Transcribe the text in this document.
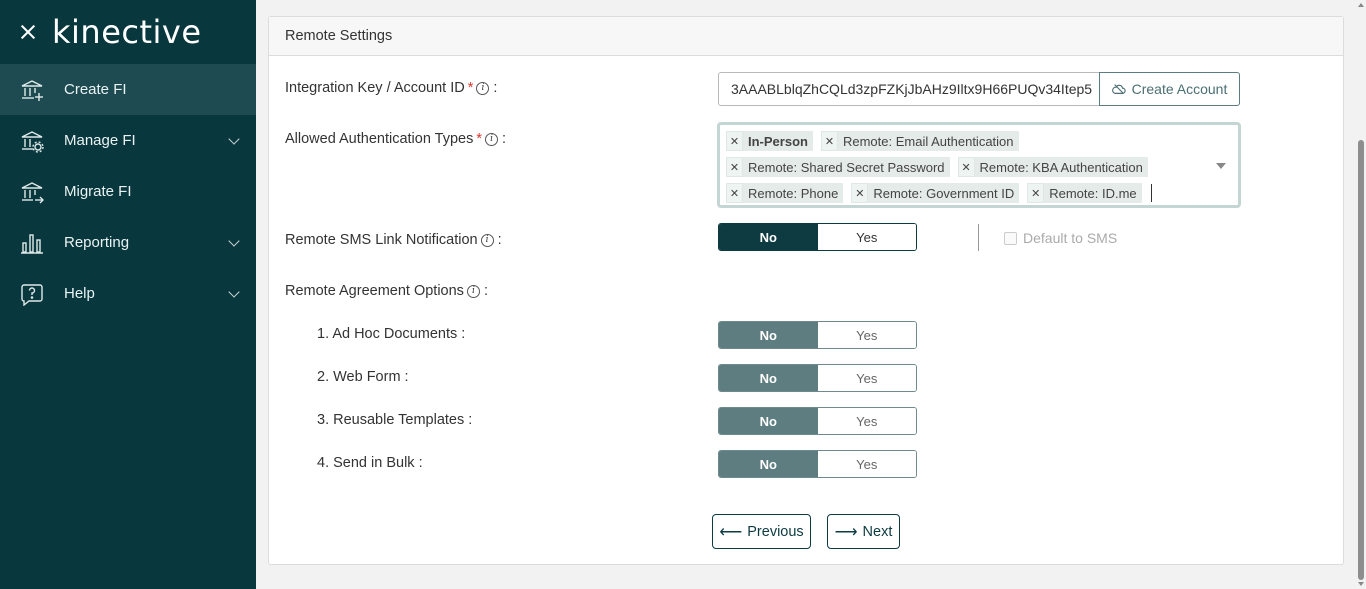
kinective
Create FI
Manage FI
Migrate FI
Reporting
Help
Remote Settings
Integration Key / Account ID * i :	3AAABLblqZhCQLd3zpFZKjJbAHz9Iltx9H66PUQv34Itep5	Create Account
Allowed Authentication Types * i :	✕ In-Person	✕ Remote: Email Authentication
✕ Remote: Shared Secret Password	✕ Remote: KBA Authentication
✕ Remote: Phone	✕ Remote: Government ID	✕ Remote: ID.me
Remote SMS Link Notification i :	No	Yes	Default to SMS
Remote Agreement Options i :
1. Ad Hoc Documents :	No	Yes
2. Web Form :	No	Yes
3. Reusable Templates :	No	Yes
4. Send in Bulk :	No	Yes
⟵ Previous ⟶ Next
